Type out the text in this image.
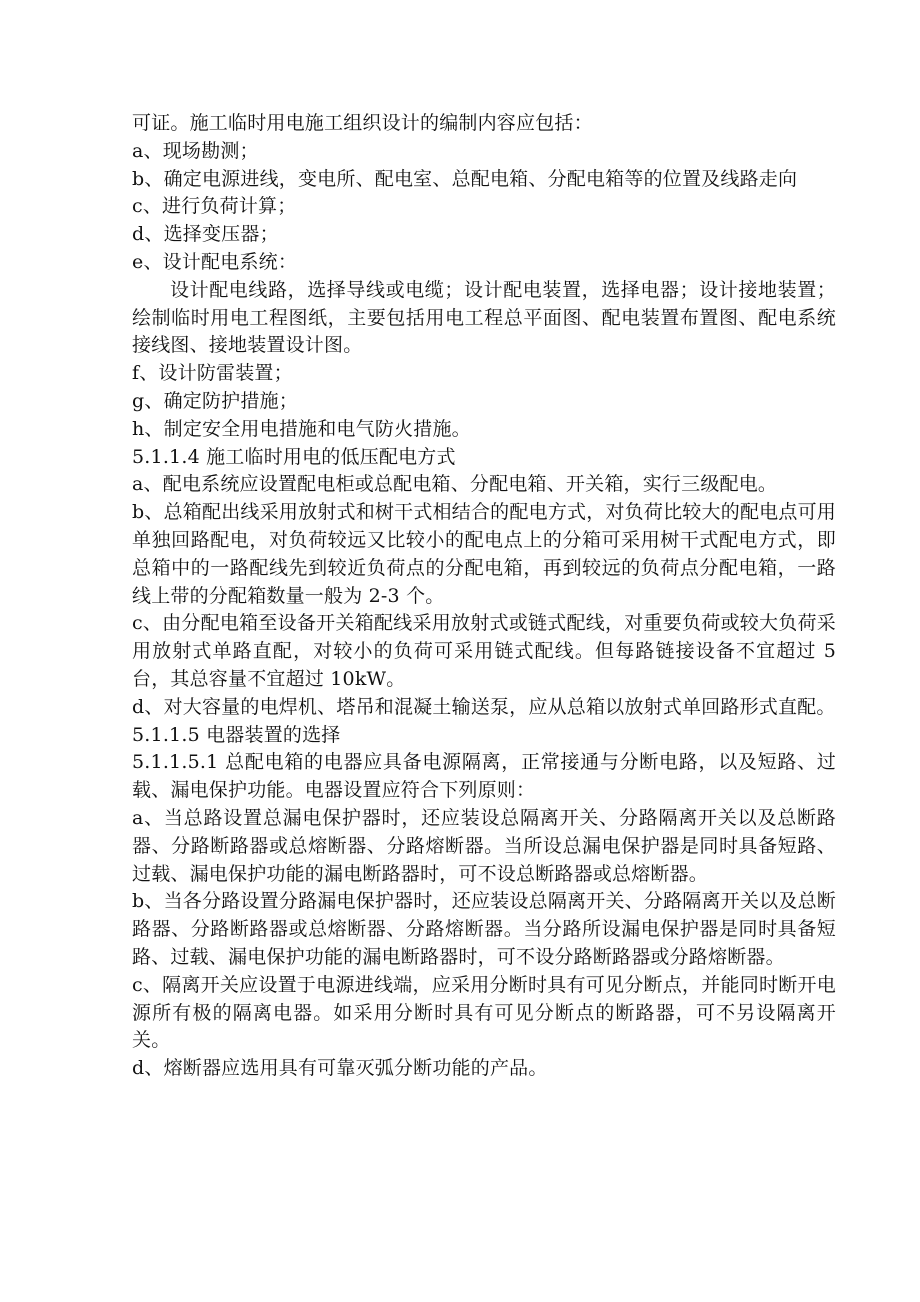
可证。施工临时用电施工组织设计的编制内容应包括：

a、现场勘测；

b、确定电源进线，变电所、配电室、总配电箱、分配电箱等的位置及线路走向

c、进行负荷计算；

d、选择变压器；

e、设计配电系统：

设计配电线路，选择导线或电缆；设计配电装置，选择电器；设计接地装置；绘制临时用电工程图纸，主要包括用电工程总平面图、配电装置布置图、配电系统接线图、接地装置设计图。

f、设计防雷装置；

g、确定防护措施；

h、制定安全用电措施和电气防火措施。

5.1.1.4 施工临时用电的低压配电方式

a、配电系统应设置配电柜或总配电箱、分配电箱、开关箱，实行三级配电。

b、总箱配出线采用放射式和树干式相结合的配电方式，对负荷比较大的配电点可用单独回路配电，对负荷较远又比较小的配电点上的分箱可采用树干式配电方式，即总箱中的一路配线先到较近负荷点的分配电箱，再到较远的负荷点分配电箱，一路线上带的分配箱数量一般为 2-3 个。

c、由分配电箱至设备开关箱配线采用放射式或链式配线，对重要负荷或较大负荷采用放射式单路直配，对较小的负荷可采用链式配线。但每路链接设备不宜超过 5 台，其总容量不宜超过 10kW。

d、对大容量的电焊机、塔吊和混凝土输送泵，应从总箱以放射式单回路形式直配。

5.1.1.5 电器装置的选择

5.1.1.5.1 总配电箱的电器应具备电源隔离，正常接通与分断电路，以及短路、过载、漏电保护功能。电器设置应符合下列原则：

a、当总路设置总漏电保护器时，还应装设总隔离开关、分路隔离开关以及总断路器、分路断路器或总熔断器、分路熔断器。当所设总漏电保护器是同时具备短路、过载、漏电保护功能的漏电断路器时，可不设总断路器或总熔断器。

b、当各分路设置分路漏电保护器时，还应装设总隔离开关、分路隔离开关以及总断路器、分路断路器或总熔断器、分路熔断器。当分路所设漏电保护器是同时具备短路、过载、漏电保护功能的漏电断路器时，可不设分路断路器或分路熔断器。

c、隔离开关应设置于电源进线端，应采用分断时具有可见分断点，并能同时断开电源所有极的隔离电器。如采用分断时具有可见分断点的断路器，可不另设隔离开关。

d、熔断器应选用具有可靠灭弧分断功能的产品。
